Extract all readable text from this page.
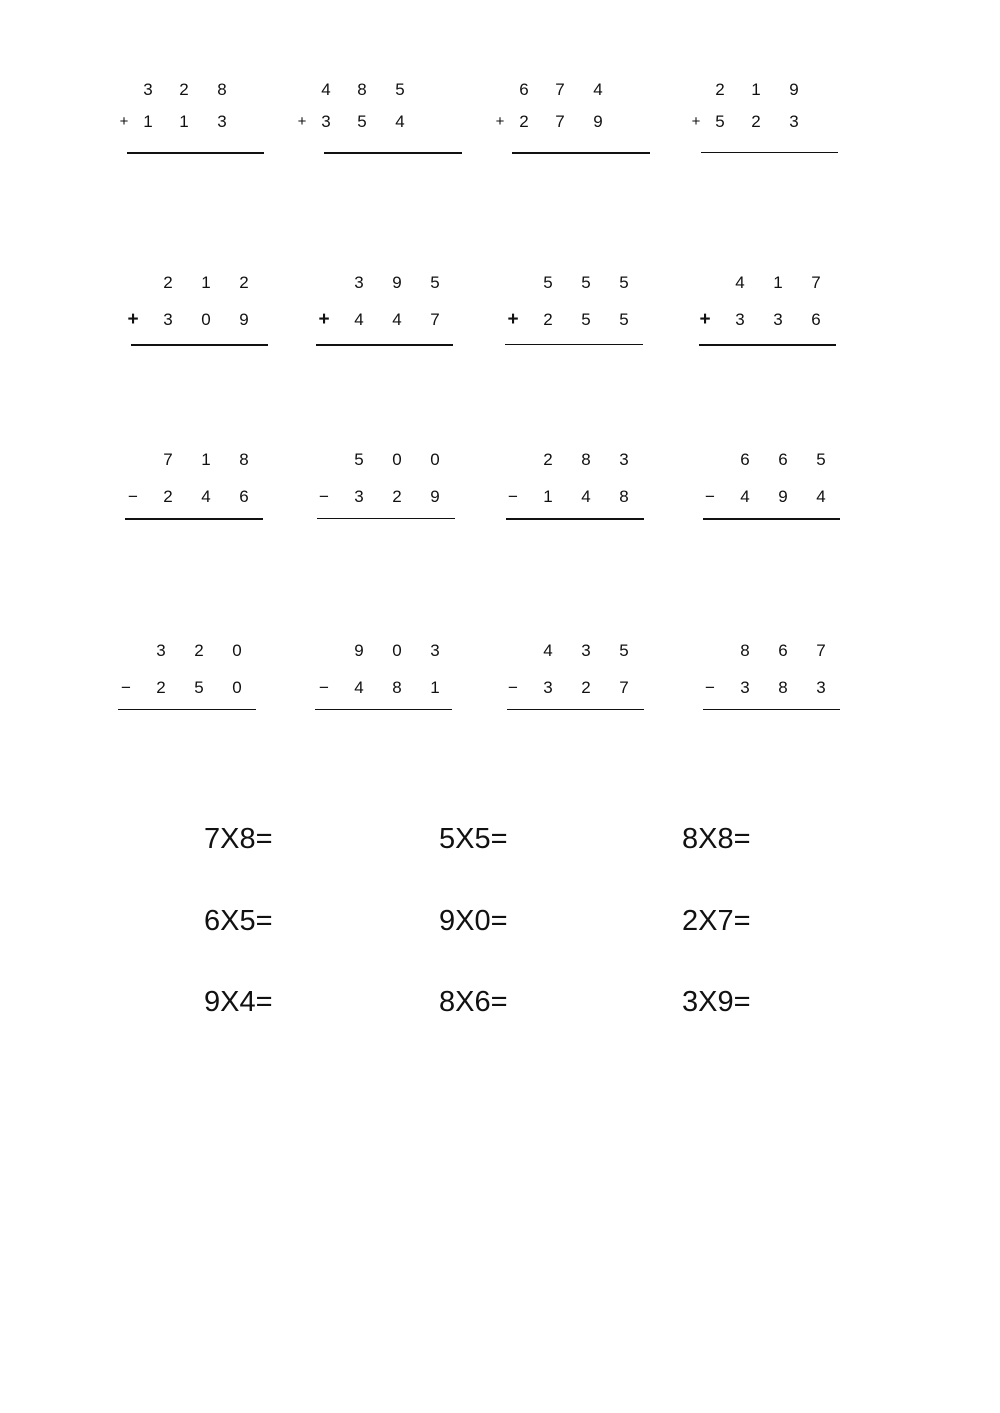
3	2	8
+ 1	1	3
4	8	5
+ 3	5	4
6	7	4
+ 2	7	9
2	1	9
+ 5	2	3
2	1	2
+	3	0	9
3	9	5
+	4	4	7
5	5	5
+	2	5	5
4	1	7
+	3	3	6
7	1	8
−	2	4	6
5	0	0
−	3	2	9
2	8	3
−	1	4	8
6	6	5
−	4	9	4
3	2	0
−	2	5	0
9	0	3
−	4	8	1
4	3	5
−	3	2	7
8	6	7
−	3	8	3
7X8=	5X5=	8X8=
6X5=	9X0=	2X7=
9X4=	8X6=	3X9=
